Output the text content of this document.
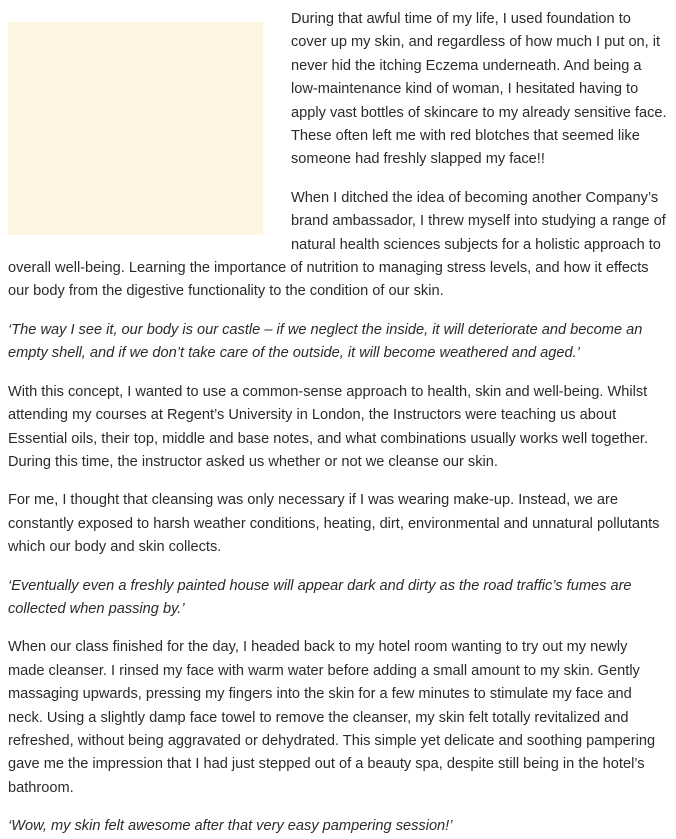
During that awful time of my life, I used foundation to cover up my skin, and regardless of how much I put on, it never hid the itching Eczema underneath. And being a low-maintenance kind of woman, I hesitated having to apply vast bottles of skincare to my already sensitive face. These often left me with red blotches that seemed like someone had freshly slapped my face!!

When I ditched the idea of becoming another Company’s brand ambassador, I threw myself into studying a range of natural health sciences subjects for a holistic approach to overall well-being. Learning the importance of nutrition to managing stress levels, and how it effects our body from the digestive functionality to the condition of our skin.

‘The way I see it, our body is our castle – if we neglect the inside, it will deteriorate and become an empty shell, and if we don’t take care of the outside, it will become weathered and aged.’

With this concept, I wanted to use a common-sense approach to health, skin and well-being. Whilst attending my courses at Regent’s University in London, the Instructors were teaching us about Essential oils, their top, middle and base notes, and what combinations usually works well together. During this time, the instructor asked us whether or not we cleanse our skin.

For me, I thought that cleansing was only necessary if I was wearing make-up. Instead, we are constantly exposed to harsh weather conditions, heating, dirt, environmental and unnatural pollutants which our body and skin collects.

‘Eventually even a freshly painted house will appear dark and dirty as the road traffic’s fumes are collected when passing by.’

When our class finished for the day, I headed back to my hotel room wanting to try out my newly made cleanser. I rinsed my face with warm water before adding a small amount to my skin. Gently massaging upwards, pressing my fingers into the skin for a few minutes to stimulate my face and neck. Using a slightly damp face towel to remove the cleanser, my skin felt totally revitalized and refreshed, without being aggravated or dehydrated. This simple yet delicate and soothing pampering gave me the impression that I had just stepped out of a beauty spa, despite still being in the hotel’s bathroom.

‘Wow, my skin felt awesome after that very easy pampering session!’
